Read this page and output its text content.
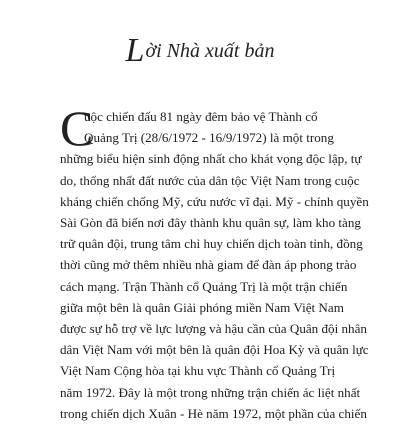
Lời Nhà xuất bản
C
uộc chiến đấu 81 ngày đêm bảo vệ Thành cổ
Quảng Trị (28/6/1972 - 16/9/1972) là một trong
những biểu hiện sinh động nhất cho khát vọng độc lập, tự
do, thống nhất đất nước của dân tộc Việt Nam trong cuộc
kháng chiến chống Mỹ, cứu nước vĩ đại. Mỹ - chính quyền
Sài Gòn đã biến nơi đây thành khu quân sự, làm kho tàng
trữ quân đội, trung tâm chỉ huy chiến dịch toàn tỉnh, đồng
thời cũng mở thêm nhiều nhà giam để đàn áp phong trào
cách mạng. Trận Thành cổ Quảng Trị là một trận chiến
giữa một bên là quân Giải phóng miền Nam Việt Nam
được sự hỗ trợ về lực lượng và hậu cần của Quân đội nhân
dân Việt Nam với một bên là quân đội Hoa Kỳ và quân lực
Việt Nam Cộng hòa tại khu vực Thành cổ Quảng Trị
năm 1972. Đây là một trong những trận chiến ác liệt nhất
trong chiến dịch Xuân - Hè năm 1972, một phần của chiến
